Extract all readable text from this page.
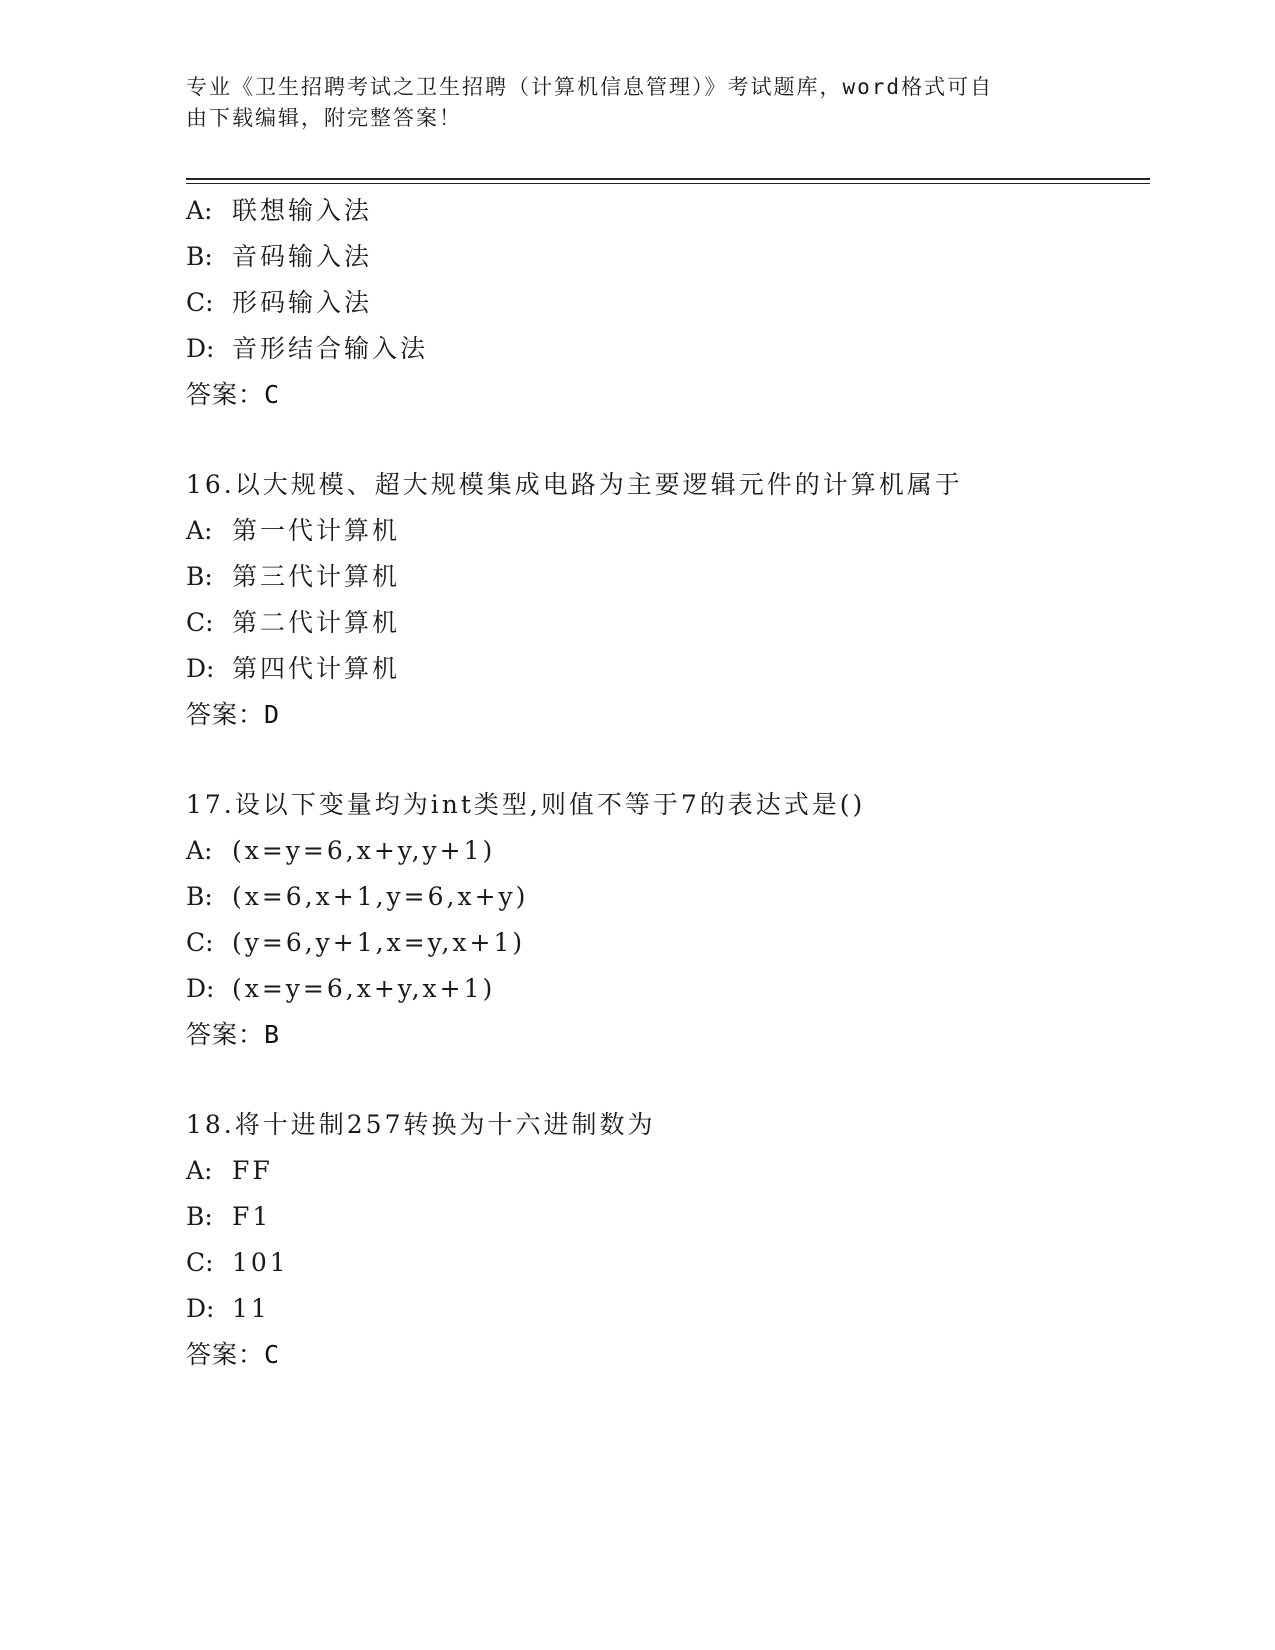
专业《卫生招聘考试之卫生招聘（计算机信息管理）》考试题库，word格式可自
由下载编辑，附完整答案！
A: 联想输入法
B: 音码输入法
C: 形码输入法
D: 音形结合输入法
答案：C
16.以大规模、超大规模集成电路为主要逻辑元件的计算机属于
A: 第一代计算机
B: 第三代计算机
C: 第二代计算机
D: 第四代计算机
答案：D
17.设以下变量均为int类型,则值不等于7的表达式是()
A: (x=y=6,x+y,y+1)
B: (x=6,x+1,y=6,x+y)
C: (y=6,y+1,x=y,x+1)
D: (x=y=6,x+y,x+1)
答案：B
18.将十进制257转换为十六进制数为
A: FF
B: F1
C: 101
D: 11
答案：C
